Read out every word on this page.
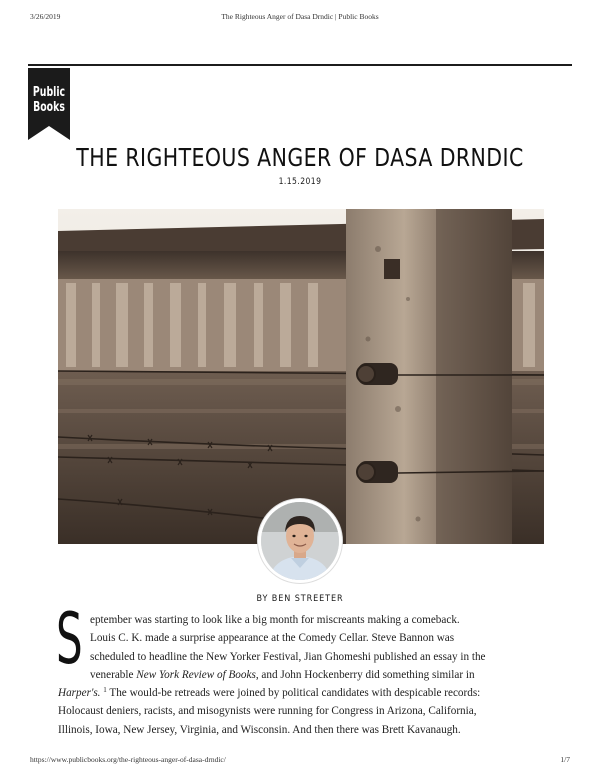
3/26/2019	The Righteous Anger of Dasa Drndic | Public Books
Public
Books
THE RIGHTEOUS ANGER OF DASA DRNDIC
1.15.2019
BY BEN STREETER
S eptember was starting to look like a big month for miscreants making a comeback.
Louis C. K. made a surprise appearance at the Comedy Cellar. Steve Bannon was
scheduled to headline the New Yorker Festival, Jian Ghomeshi published an essay in the
venerable New York Review of Books, and John Hockenberry did something similar in
Harper's. $^1$ The would-be retreads were joined by political candidates with despicable records:
Holocaust deniers, racists, and misogynists were running for Congress in Arizona, California,
Illinois, Iowa, New Jersey, Virginia, and Wisconsin. And then there was Brett Kavanaugh.
https://www.publicbooks.org/the-righteous-anger-of-dasa-drndic/	1/7
